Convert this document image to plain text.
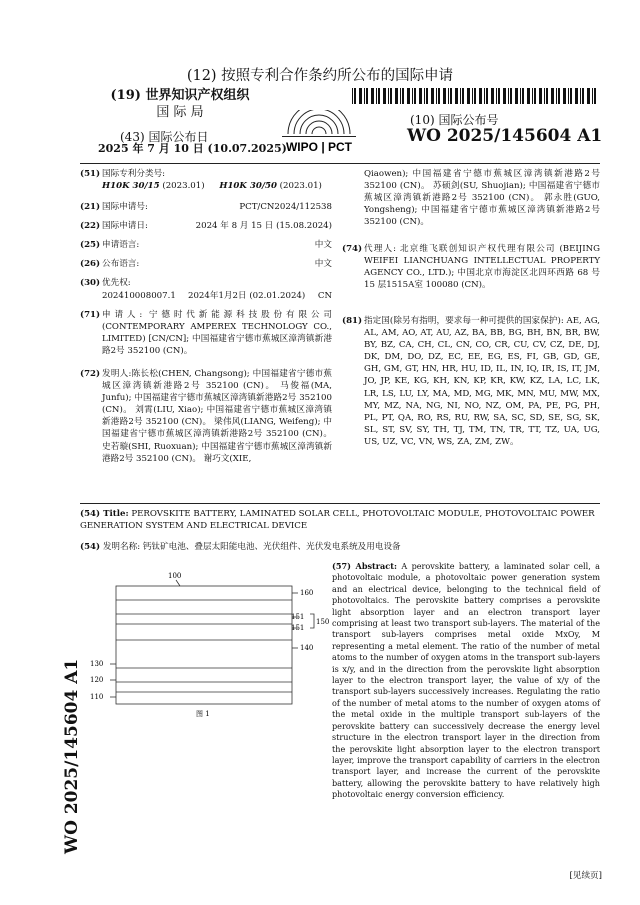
(12) 按照专利合作条约所公布的国际申请
(19) 世界知识产权组织
国 际 局
(43) 国际公布日
2025 年 7 月 10 日 (10.07.2025)
(10) 国际公布号
WO 2025/145604 A1
WIPO | PCT
WO 2025/145604 A1
(51) 国际专利分类号:
H10K 30/15 (2023.01) H10K 30/50 (2023.01)
(21) 国际申请号:	PCT/CN2024/112538
(22) 国际申请日:	2024 年 8 月 15 日 (15.08.2024)
(25) 申请语言:	中文
(26) 公布语言:	中文
(30) 优先权:
202410008007.1 2024年1月2日 (02.01.2024) CN
(71) 申请人: 宁德时代新能源科技股份有限公司 (CONTEMPORARY AMPEREX TECHNOLOGY CO., LIMITED) [CN/CN]; 中国福建省宁德市蕉城区漳湾镇新港路2号 352100 (CN)。
(72) 发明人:陈长松(CHEN, Changsong); 中国福建省宁德市蕉城区漳湾镇新港路2号 352100 (CN)。 马俊福(MA, Junfu); 中国福建省宁德市蕉城区漳湾镇新港路2号 352100 (CN)。 刘霄(LIU, Xiao); 中国福建省宁德市蕉城区漳湾镇新港路2号 352100 (CN)。 梁伟风(LIANG, Weifeng); 中国福建省宁德市蕉城区漳湾镇新港路2号 352100 (CN)。 史若璇(SHI, Ruoxuan); 中国福建省宁德市蕉城区漳湾镇新港路2号 352100 (CN)。 谢巧文(XIE,
Qiaowen); 中国福建省宁德市蕉城区漳湾镇新港路2号 352100 (CN)。 苏硕剑(SU, Shuojian); 中国福建省宁德市蕉城区漳湾镇新港路2号 352100 (CN)。 郭永胜(GUO, Yongsheng); 中国福建省宁德市蕉城区漳湾镇新港路2号 352100 (CN)。
(74) 代理人: 北京维飞联创知识产权代理有限公司 (BEIJING WEIFEI LIANCHUANG INTELLECTUAL PROPERTY AGENCY CO., LTD.); 中国北京市海淀区北四环西路 68 号 15 层1515A室 100080 (CN)。
(81) 指定国(除另有指明，要求每一种可提供的国家保护): AE, AG, AL, AM, AO, AT, AU, AZ, BA, BB, BG, BH, BN, BR, BW, BY, BZ, CA, CH, CL, CN, CO, CR, CU, CV, CZ, DE, DJ, DK, DM, DO, DZ, EC, EE, EG, ES, FI, GB, GD, GE, GH, GM, GT, HN, HR, HU, ID, IL, IN, IQ, IR, IS, IT, JM, JO, JP, KE, KG, KH, KN, KP, KR, KW, KZ, LA, LC, LK, LR, LS, LU, LY, MA, MD, MG, MK, MN, MU, MW, MX, MY, MZ, NA, NG, NI, NO, NZ, OM, PA, PE, PG, PH, PL, PT, QA, RO, RS, RU, RW, SA, SC, SD, SE, SG, SK, SL, ST, SV, SY, TH, TJ, TM, TN, TR, TT, TZ, UA, UG, US, UZ, VC, VN, WS, ZA, ZM, ZW。
(54) Title: PEROVSKITE BATTERY, LAMINATED SOLAR CELL, PHOTOVOLTAIC MODULE, PHOTOVOLTAIC POWER GENERATION SYSTEM AND ELECTRICAL DEVICE
(54) 发明名称: 钙钛矿电池、叠层太阳能电池、光伏组件、光伏发电系统及用电设备
100
160
151
151
150
140
130
120
110
图 1
(57) Abstract: A perovskite battery, a laminated solar cell, a photovoltaic module, a photovoltaic power generation system and an electrical device, belonging to the technical field of photovoltaics. The perovskite battery comprises a perovskite light absorption layer and an electron transport layer comprising at least two transport sub-layers. The material of the transport sub-layers comprises metal oxide MxOy, M representing a metal element. The ratio of the number of metal atoms to the number of oxygen atoms in the transport sub-layers is x/y, and in the direction from the perovskite light absorption layer to the electron transport layer, the value of x/y of the transport sub-layers successively increases. Regulating the ratio of the number of metal atoms to the number of oxygen atoms of the metal oxide in the multiple transport sub-layers of the perovskite battery can successively decrease the energy level structure in the electron transport layer in the direction from the perovskite light absorption layer to the electron transport layer, improve the transport capability of carriers in the electron transport layer, and increase the current of the perovskite battery, allowing the perovskite battery to have relatively high photovoltaic energy conversion efficiency.
[见续页]
